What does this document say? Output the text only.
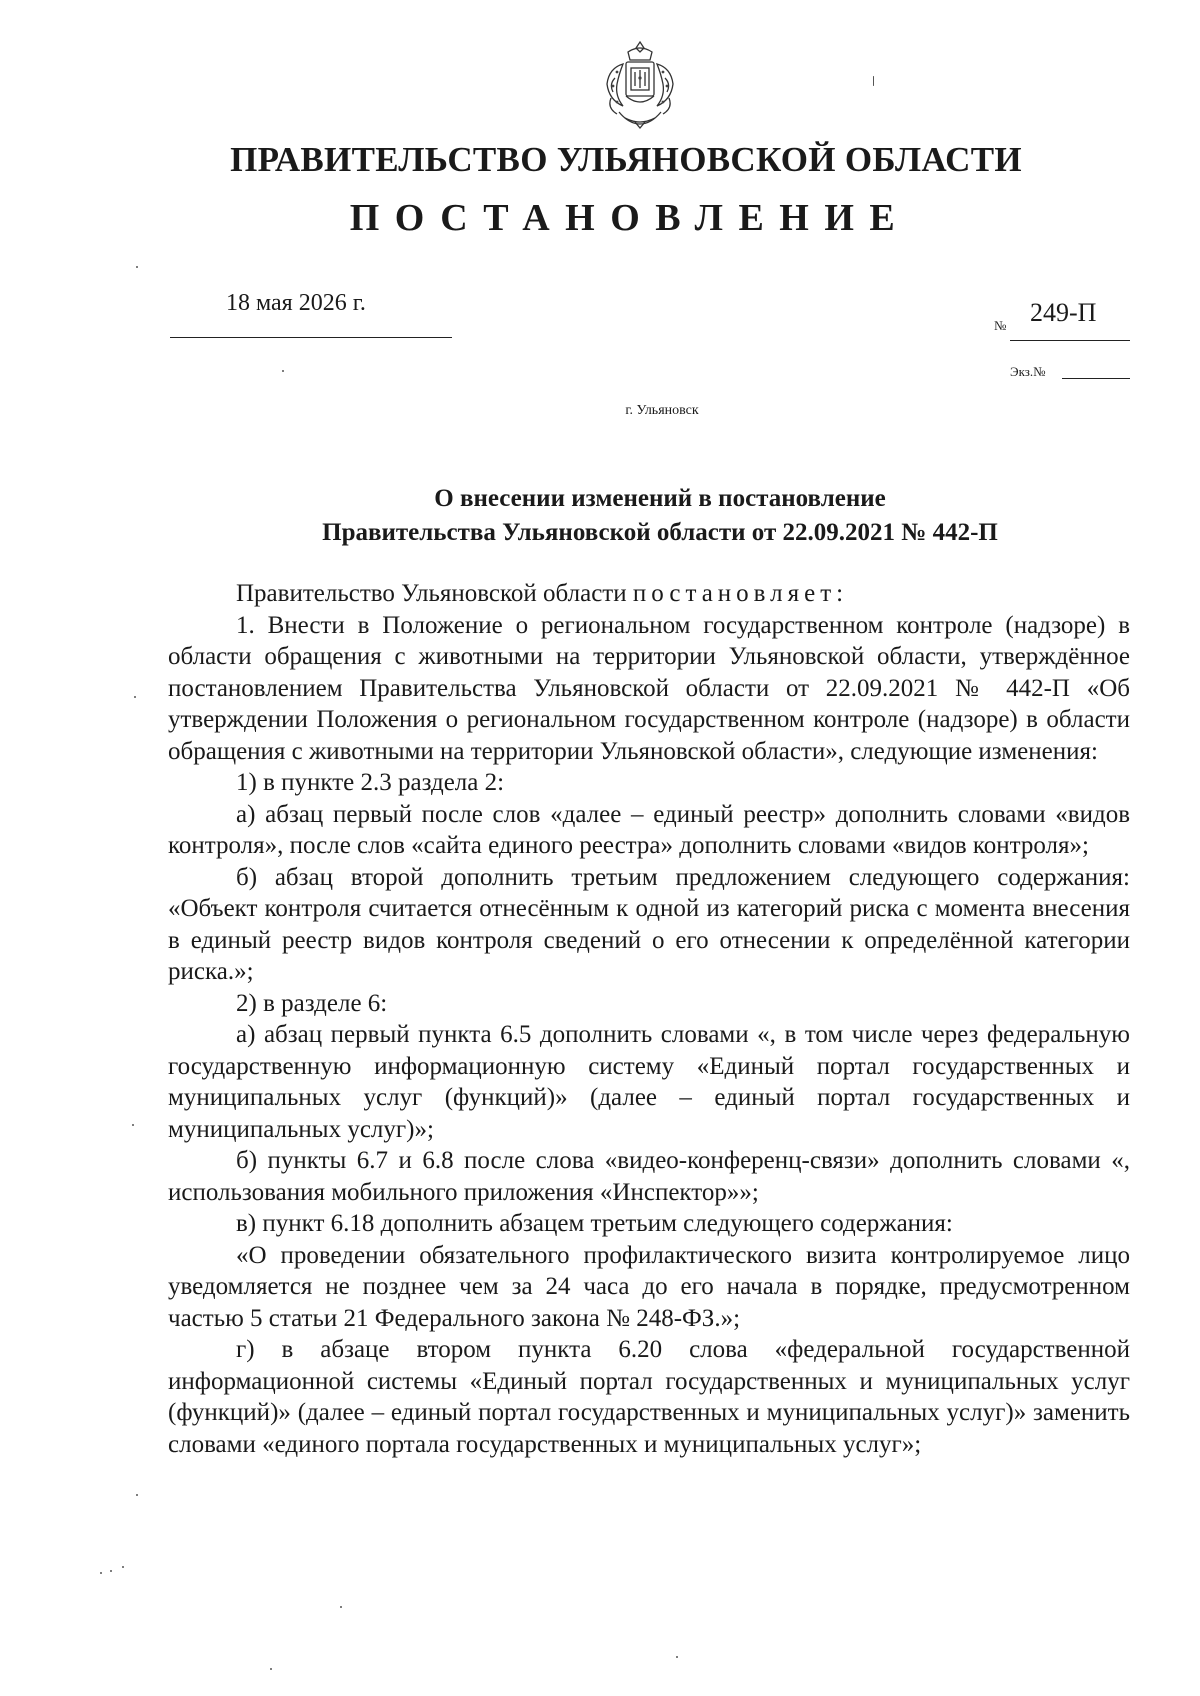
ПРАВИТЕЛЬСТВО УЛЬЯНОВСКОЙ ОБЛАСТИ
ПОСТАНОВЛЕНИЕ
18 мая 2026 г.
№ 249-П
Экз.№
г. Ульяновск
О внесении изменений в постановление
Правительства Ульяновской области от 22.09.2021 № 442-П

Правительство Ульяновской области постановляет:

1. Внести в Положение о региональном государственном контроле (надзоре) в области обращения с животными на территории Ульяновской области, утверждённое постановлением Правительства Ульяновской области от 22.09.2021 № 442-П «Об утверждении Положения о региональном государственном контроле (надзоре) в области обращения с животными на территории Ульяновской области», следующие изменения:

1) в пункте 2.3 раздела 2:

а) абзац первый после слов «далее – единый реестр» дополнить словами «видов контроля», после слов «сайта единого реестра» дополнить словами «видов контроля»;

б) абзац второй дополнить третьим предложением следующего содержания: «Объект контроля считается отнесённым к одной из категорий риска с момента внесения в единый реестр видов контроля сведений о его отнесении к определённой категории риска.»;

2) в разделе 6:

а) абзац первый пункта 6.5 дополнить словами «, в том числе через федеральную государственную информационную систему «Единый портал государственных и муниципальных услуг (функций)» (далее – единый портал государственных и муниципальных услуг)»;

б) пункты 6.7 и 6.8 после слова «видео-конференц-связи» дополнить словами «, использования мобильного приложения «Инспектор»»;

в) пункт 6.18 дополнить абзацем третьим следующего содержания:

«О проведении обязательного профилактического визита контролируемое лицо уведомляется не позднее чем за 24 часа до его начала в порядке, предусмотренном частью 5 статьи 21 Федерального закона № 248-ФЗ.»;

г) в абзаце втором пункта 6.20 слова «федеральной государственной информационной системы «Единый портал государственных и муниципальных услуг (функций)» (далее – единый портал государственных и муниципальных услуг)» заменить словами «единого портала государственных и муниципальных услуг»;
